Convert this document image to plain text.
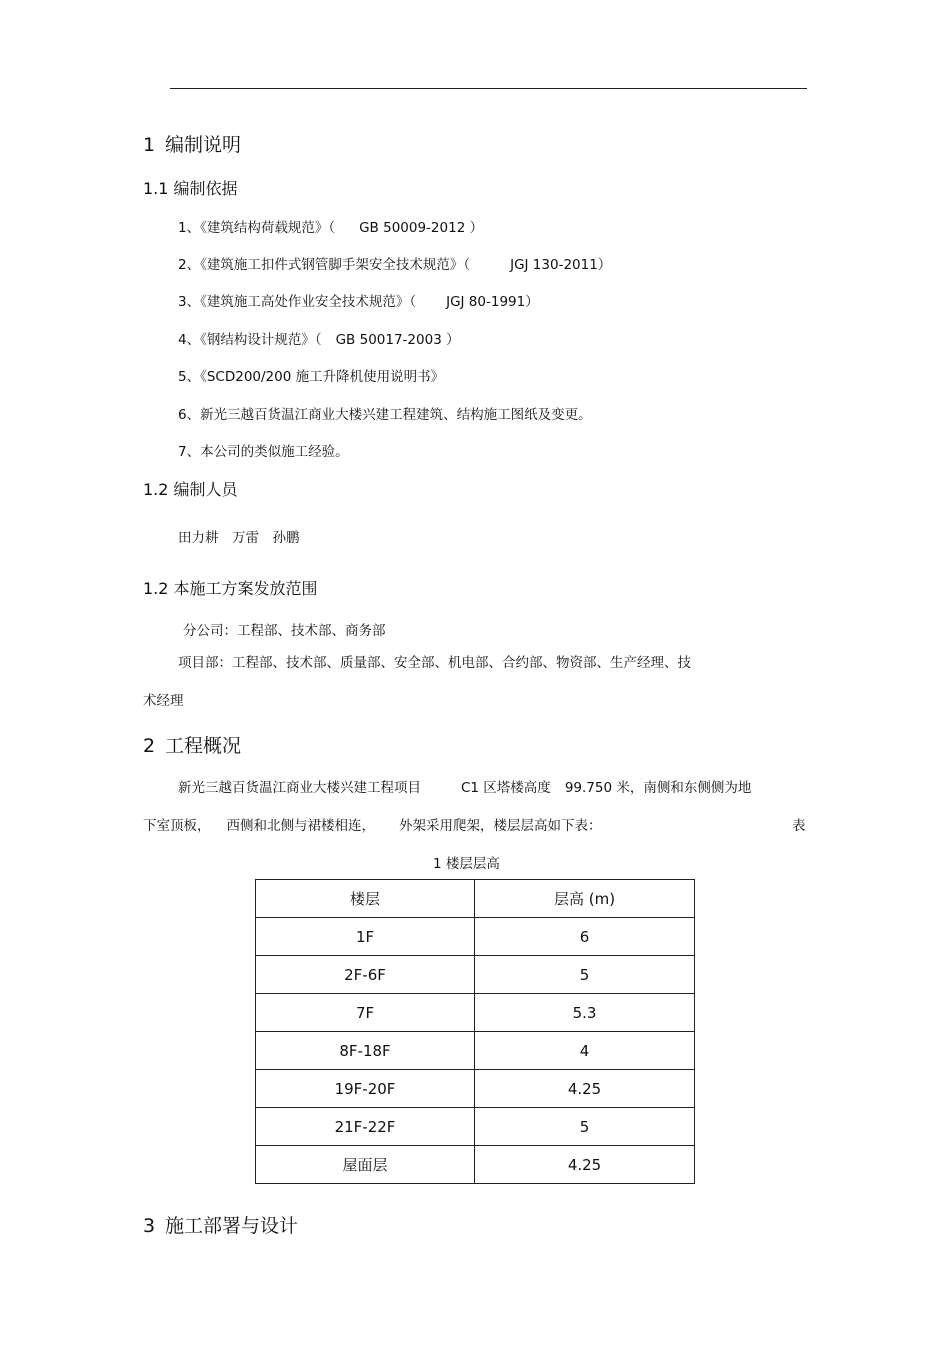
1 编制说明
1.1 编制依据
1、《建筑结构荷载规范》（ GB 50009-2012 ）
2、《建筑施工扣件式钢管脚手架安全技术规范》（	JGJ 130-2011）
3、《建筑施工高处作业安全技术规范》（ JGJ 80-1991）
4、《钢结构设计规范》（ GB 50017-2003 ）
5、《SCD200/200 施工升降机使用说明书》
6、新光三越百货温江商业大楼兴建工程建筑、结构施工图纸及变更。
7、本公司的类似施工经验。
1.2 编制人员
田力耕　万雷　孙鹏
1.2 本施工方案发放范围
分公司：工程部、技术部、商务部
项目部：工程部、技术部、质量部、安全部、机电部、合约部、物资部、生产经理、技
术经理
2 工程概况
新光三越百货温江商业大楼兴建工程项目	C1 区塔楼高度 99.750 米，南侧和东侧侧为地
下室顶板， 西侧和北侧与裙楼相连， 外架采用爬架，楼层层高如下表：	表
1 楼层层高
楼层	层高 (m)
1F	6
2F-6F	5
7F	5.3
8F-18F	4
19F-20F	4.25
21F-22F	5
屋面层	4.25
3 施工部署与设计
